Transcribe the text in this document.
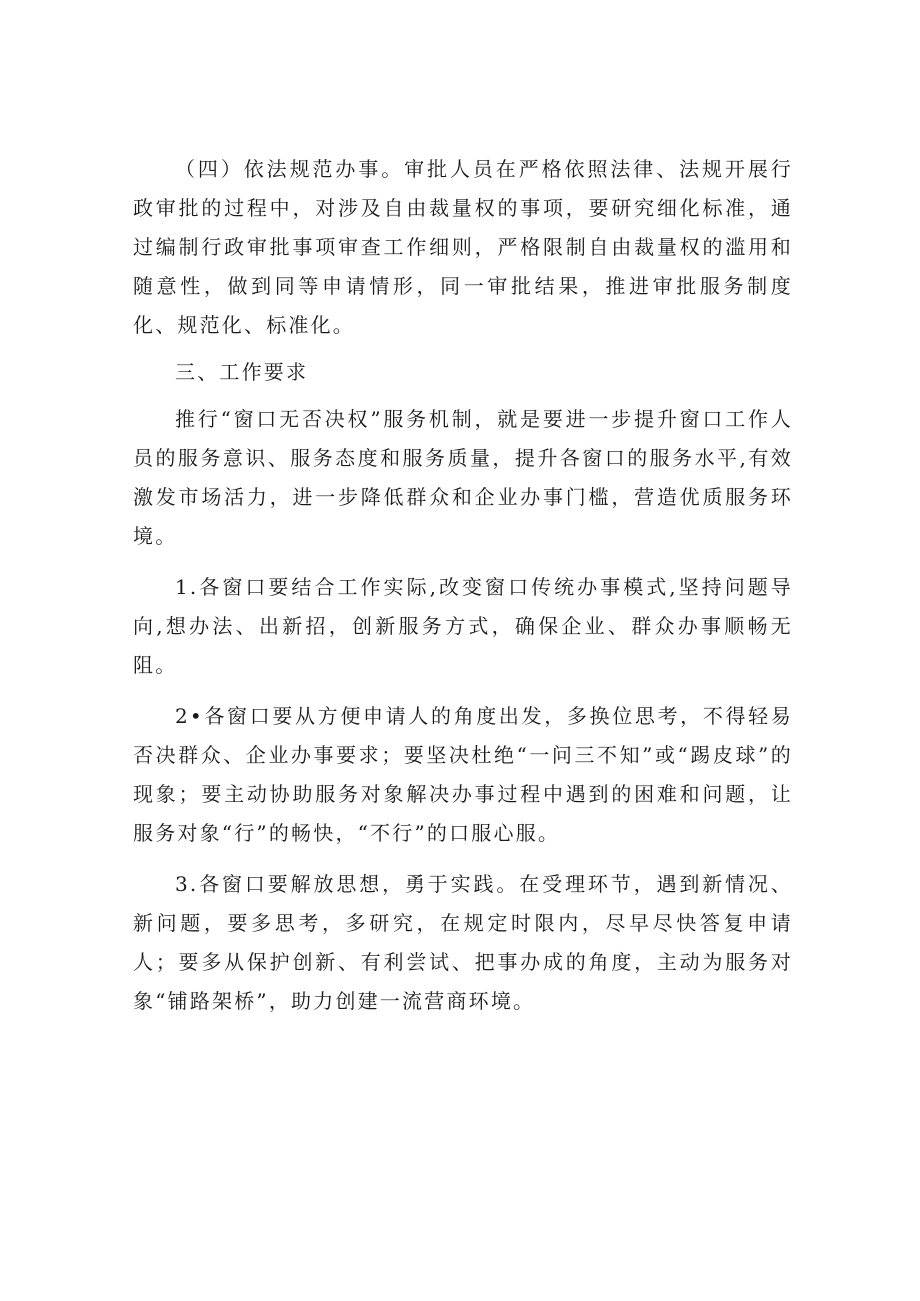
（四）依法规范办事。审批人员在严格依照法律、法规开展行政审批的过程中，对涉及自由裁量权的事项，要研究细化标准，通过编制行政审批事项审查工作细则，严格限制自由裁量权的滥用和随意性，做到同等申请情形，同一审批结果，推进审批服务制度化、规范化、标准化。

三、工作要求

推行“窗口无否决权”服务机制，就是要进一步提升窗口工作人员的服务意识、服务态度和服务质量，提升各窗口的服务水平,有效激发市场活力，进一步降低群众和企业办事门槛，营造优质服务环境。

1.各窗口要结合工作实际,改变窗口传统办事模式,坚持问题导向,想办法、出新招，创新服务方式，确保企业、群众办事顺畅无阻。

2•各窗口要从方便申请人的角度出发，多换位思考，不得轻易否决群众、企业办事要求；要坚决杜绝“一问三不知”或“踢皮球”的现象；要主动协助服务对象解决办事过程中遇到的困难和问题，让服务对象“行”的畅快，“不行”的口服心服。

3.各窗口要解放思想，勇于实践。在受理环节，遇到新情况、新问题，要多思考，多研究，在规定时限内，尽早尽快答复申请人；要多从保护创新、有利尝试、把事办成的角度，主动为服务对象“铺路架桥”，助力创建一流营商环境。
